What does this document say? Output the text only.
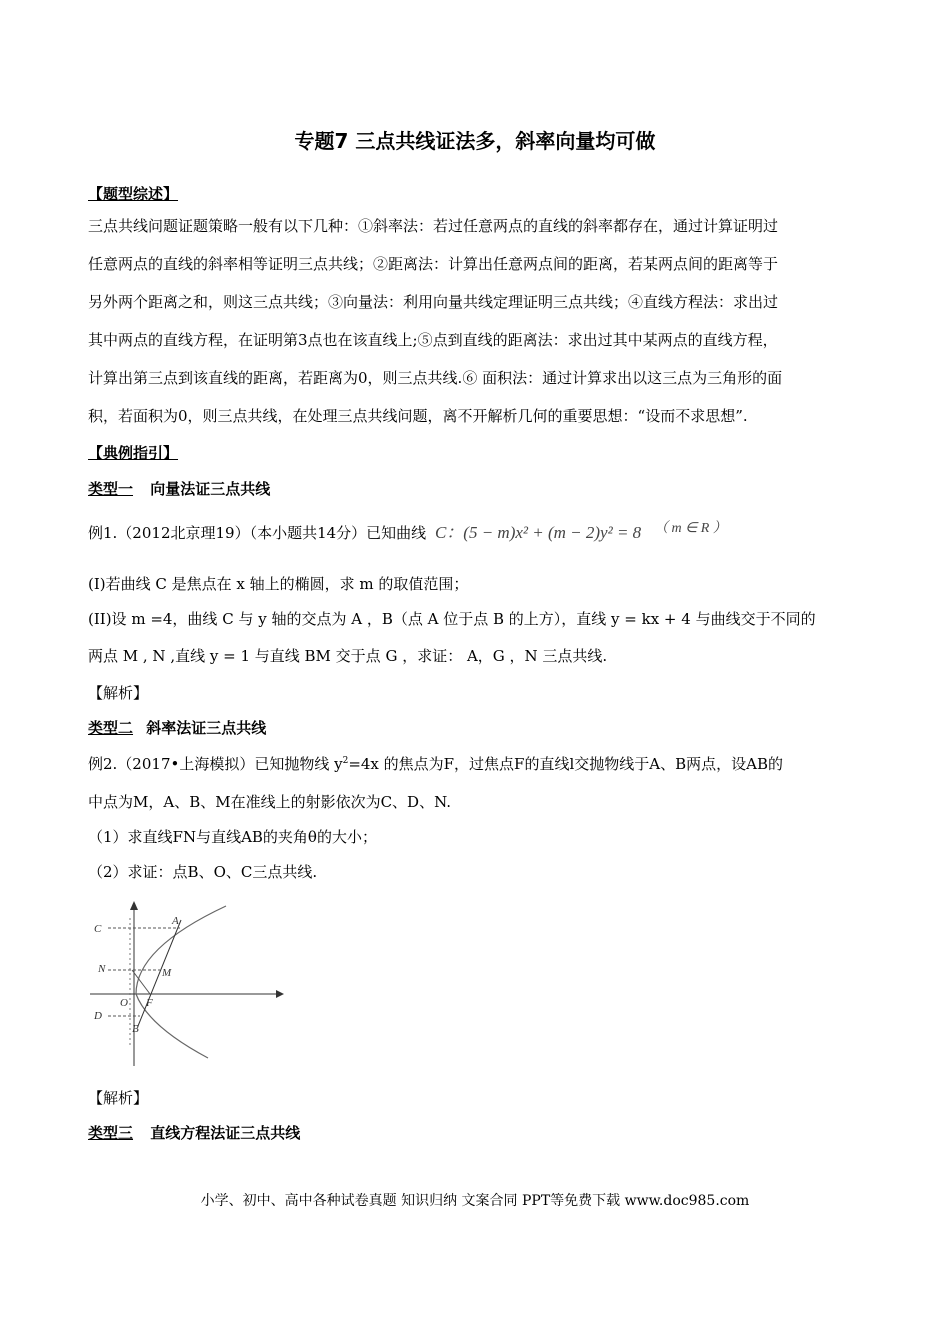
专题7 三点共线证法多，斜率向量均可做
【题型综述】
三点共线问题证题策略一般有以下几种：①斜率法：若过任意两点的直线的斜率都存在，通过计算证明过
任意两点的直线的斜率相等证明三点共线；②距离法：计算出任意两点间的距离，若某两点间的距离等于
另外两个距离之和，则这三点共线；③向量法：利用向量共线定理证明三点共线；④直线方程法：求出过
其中两点的直线方程，在证明第3点也在该直线上;⑤点到直线的距离法：求出过其中某两点的直线方程，
计算出第三点到该直线的距离，若距离为0，则三点共线.⑥ 面积法：通过计算求出以这三点为三角形的面
积，若面积为0，则三点共线，在处理三点共线问题，离不开解析几何的重要思想：“设而不求思想”.
【典例指引】
类型一 向量法证三点共线
例1.（2012北京理19）（本小题共14分）已知曲线 C：(5 − m)x² + (m − 2)y² = 8 （ m ∈ R ）
(I)若曲线 C 是焦点在 x 轴上的椭圆，求 m 的取值范围；
(II)设 m =4，曲线 C 与 y 轴的交点为 A ，B（点 A 位于点 B 的上方），直线 y = kx + 4 与曲线交于不同的
两点 M , N ,直线 y = 1 与直线 BM 交于点 G ，求证： A，G ，N 三点共线.
【解析】
类型二 斜率法证三点共线
例2.（2017•上海模拟）已知抛物线 $y^2=4x$ 的焦点为F，过焦点F的直线l交抛物线于A、B两点，设AB的
中点为M，A、B、M在准线上的射影依次为C、D、N.
（1）求直线FN与直线AB的夹角θ的大小；
（2）求证：点B、O、C三点共线.
C
A
N	M
O F
D
B
【解析】
类型三 直线方程法证三点共线
小学、初中、高中各种试卷真题 知识归纳 文案合同 PPT等免费下载 www.doc985.com
